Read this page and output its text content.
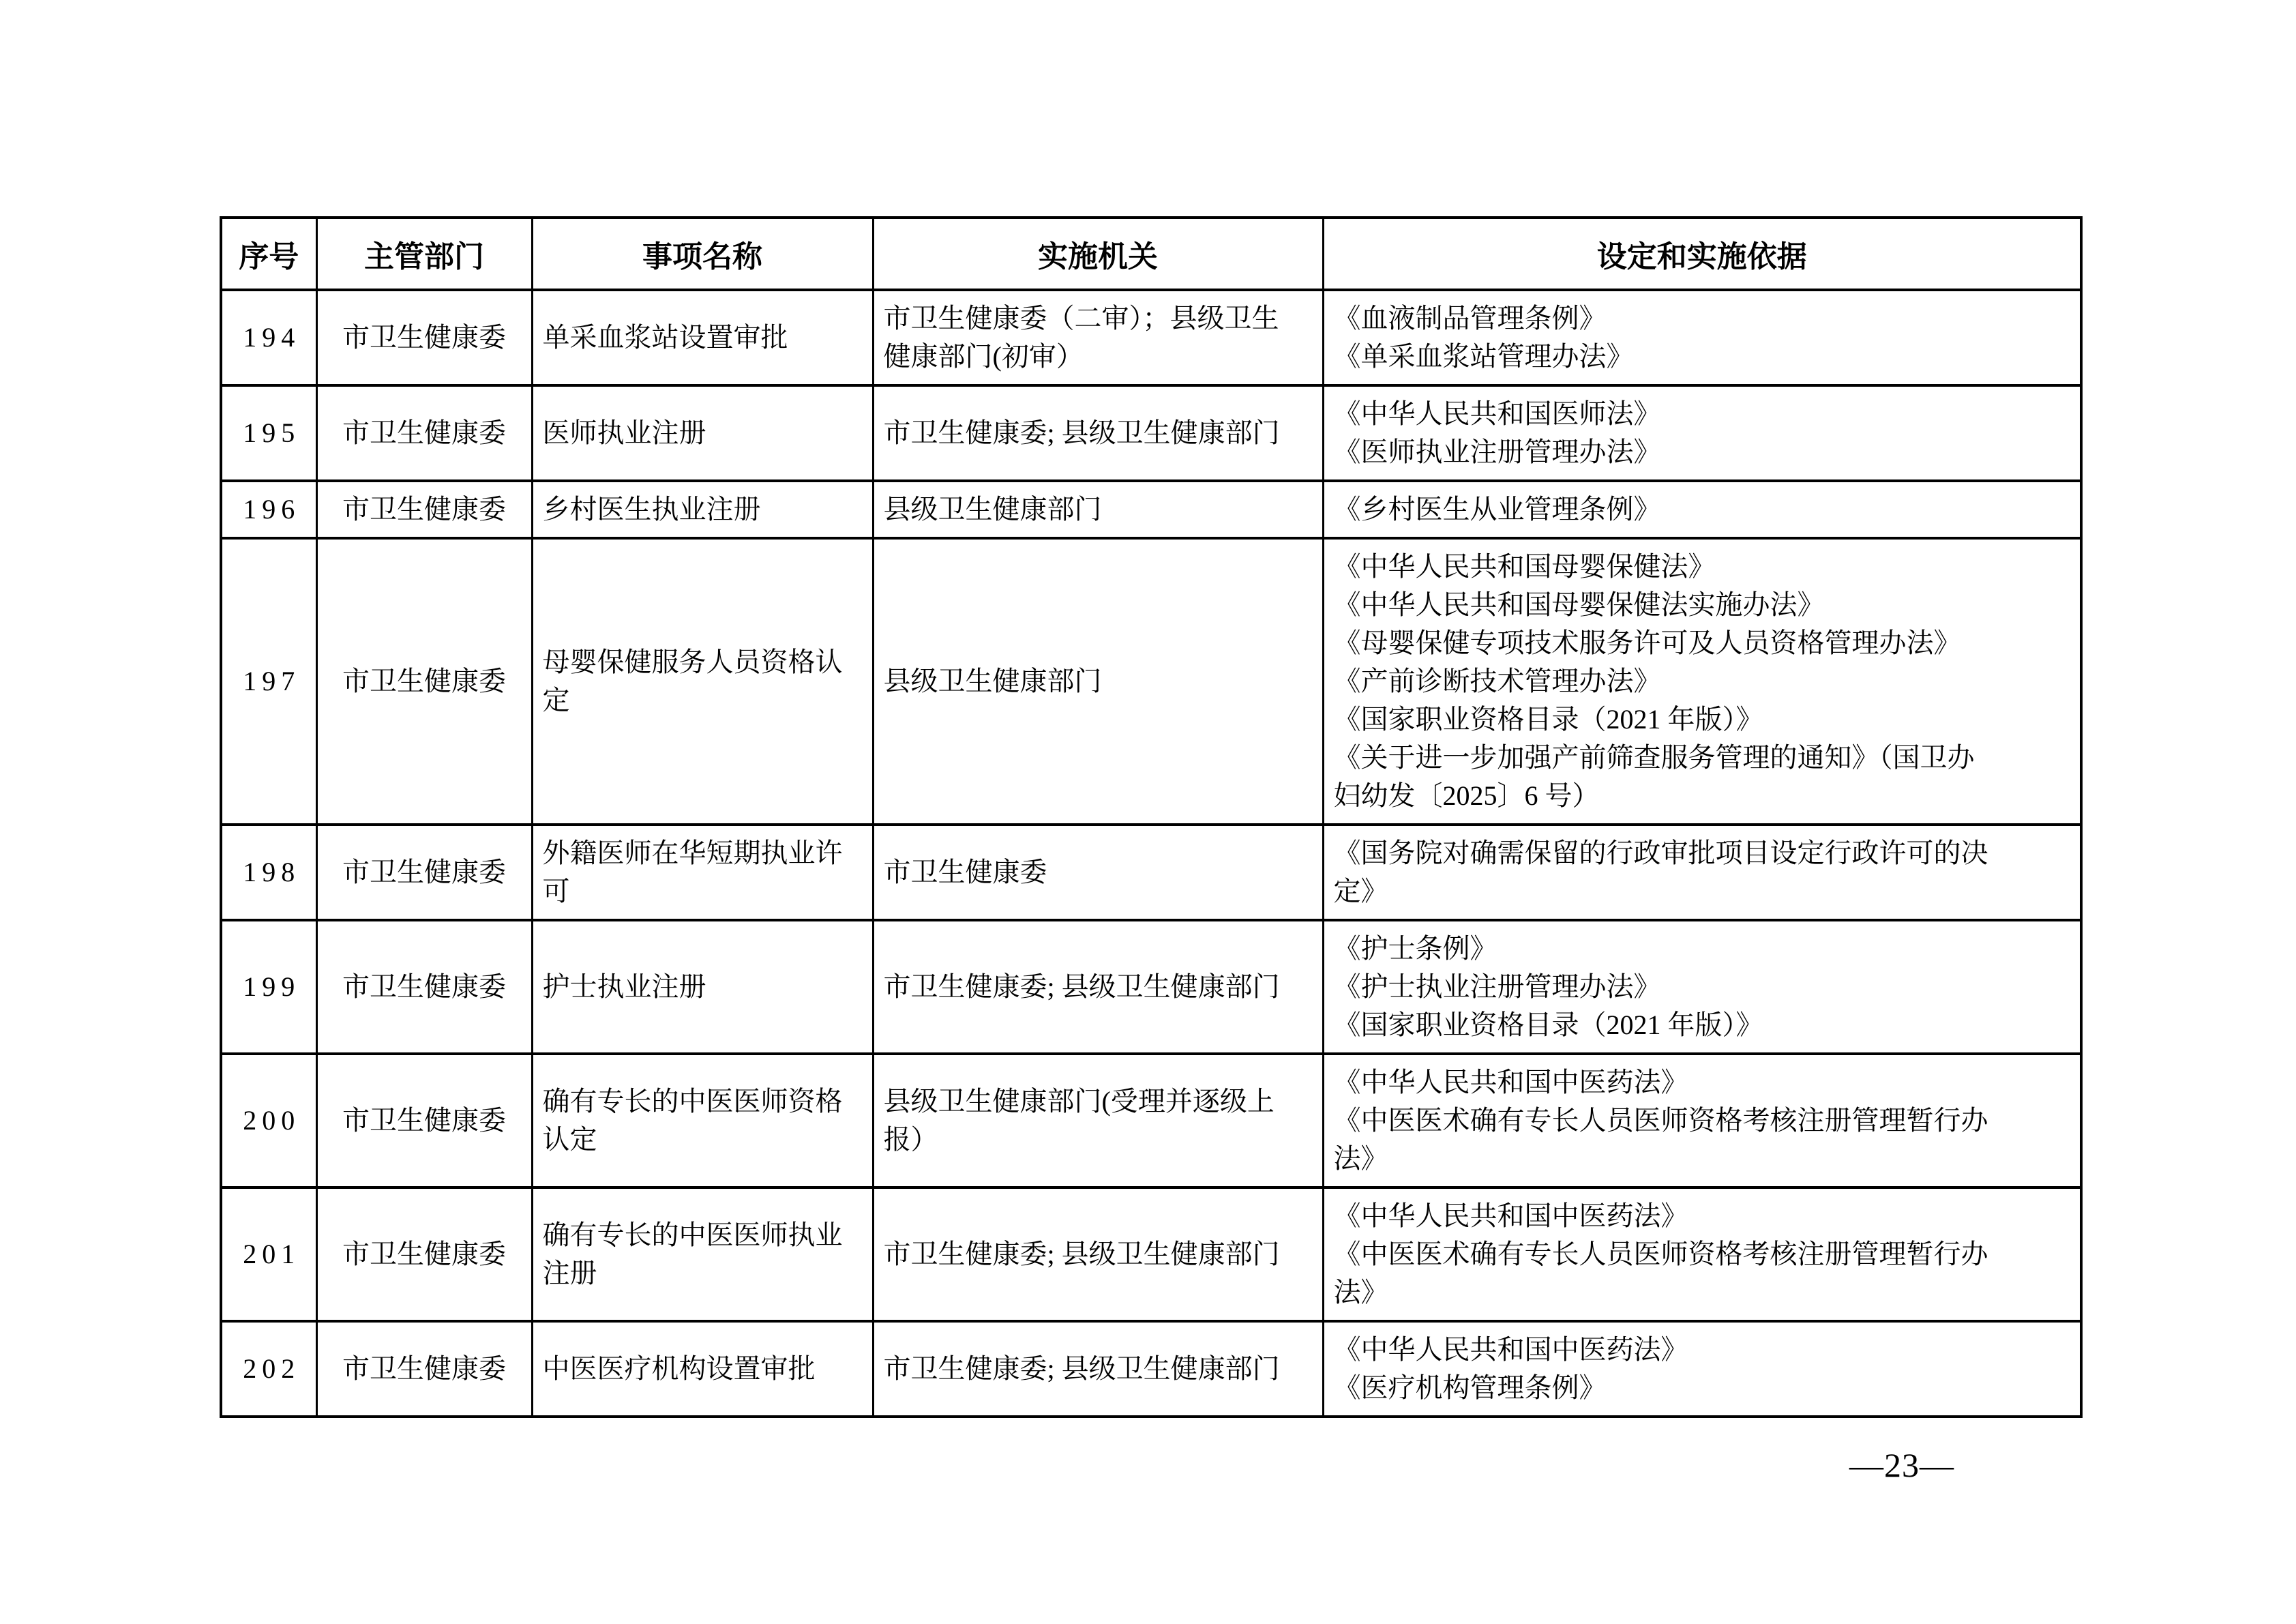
序号	主管部门	事项名称	实施机关	设定和实施依据
194	市卫生健康委	单采血浆站设置审批	市卫生健康委（二审）；县级卫生健康部门(初审）	《血液制品管理条例》
《单采血浆站管理办法》

195	市卫生健康委	医师执业注册	市卫生健康委; 县级卫生健康部门	《中华人民共和国医师法》
《医师执业注册管理办法》

196	市卫生健康委	乡村医生执业注册	县级卫生健康部门	《乡村医生从业管理条例》

197	市卫生健康委	母婴保健服务人员资格认定	县级卫生健康部门	
《中华人民共和国母婴保健法》
《中华人民共和国母婴保健法实施办法》
《母婴保健专项技术服务许可及人员资格管理办法》
《产前诊断技术管理办法》
《国家职业资格目录（2021 年版）》
《关于进一步加强产前筛查服务管理的通知》（国卫办妇幼发〔2025〕6 号）

198	市卫生健康委	外籍医师在华短期执业许可	市卫生健康委	《国务院对确需保留的行政审批项目设定行政许可的决定》

199	市卫生健康委	护士执业注册	市卫生健康委; 县级卫生健康部门	《护士条例》
《护士执业注册管理办法》
《国家职业资格目录（2021 年版）》

200	市卫生健康委	确有专长的中医医师资格认定	县级卫生健康部门(受理并逐级上报）	《中华人民共和国中医药法》
《中医医术确有专长人员医师资格考核注册管理暂行办法》

201	市卫生健康委	确有专长的中医医师执业注册	市卫生健康委; 县级卫生健康部门	《中华人民共和国中医药法》
《中医医术确有专长人员医师资格考核注册管理暂行办法》

202	市卫生健康委	中医医疗机构设置审批	市卫生健康委; 县级卫生健康部门	《中华人民共和国中医药法》
《医疗机构管理条例》
—23—
